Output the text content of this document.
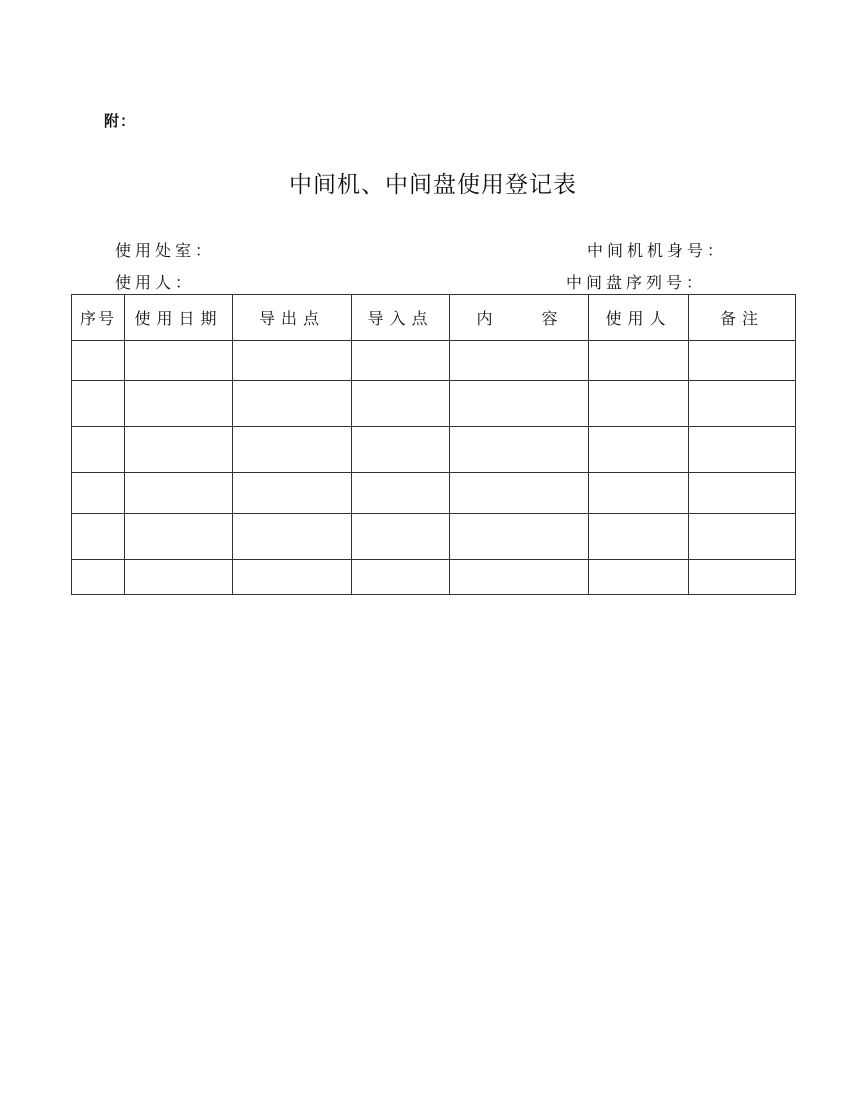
附：
中间机、中间盘使用登记表
使用处室：	中间机机身号：
使用人：	中间盘序列号：
序号	使用日期	导出点	导入点	内 容	使用人	备注
